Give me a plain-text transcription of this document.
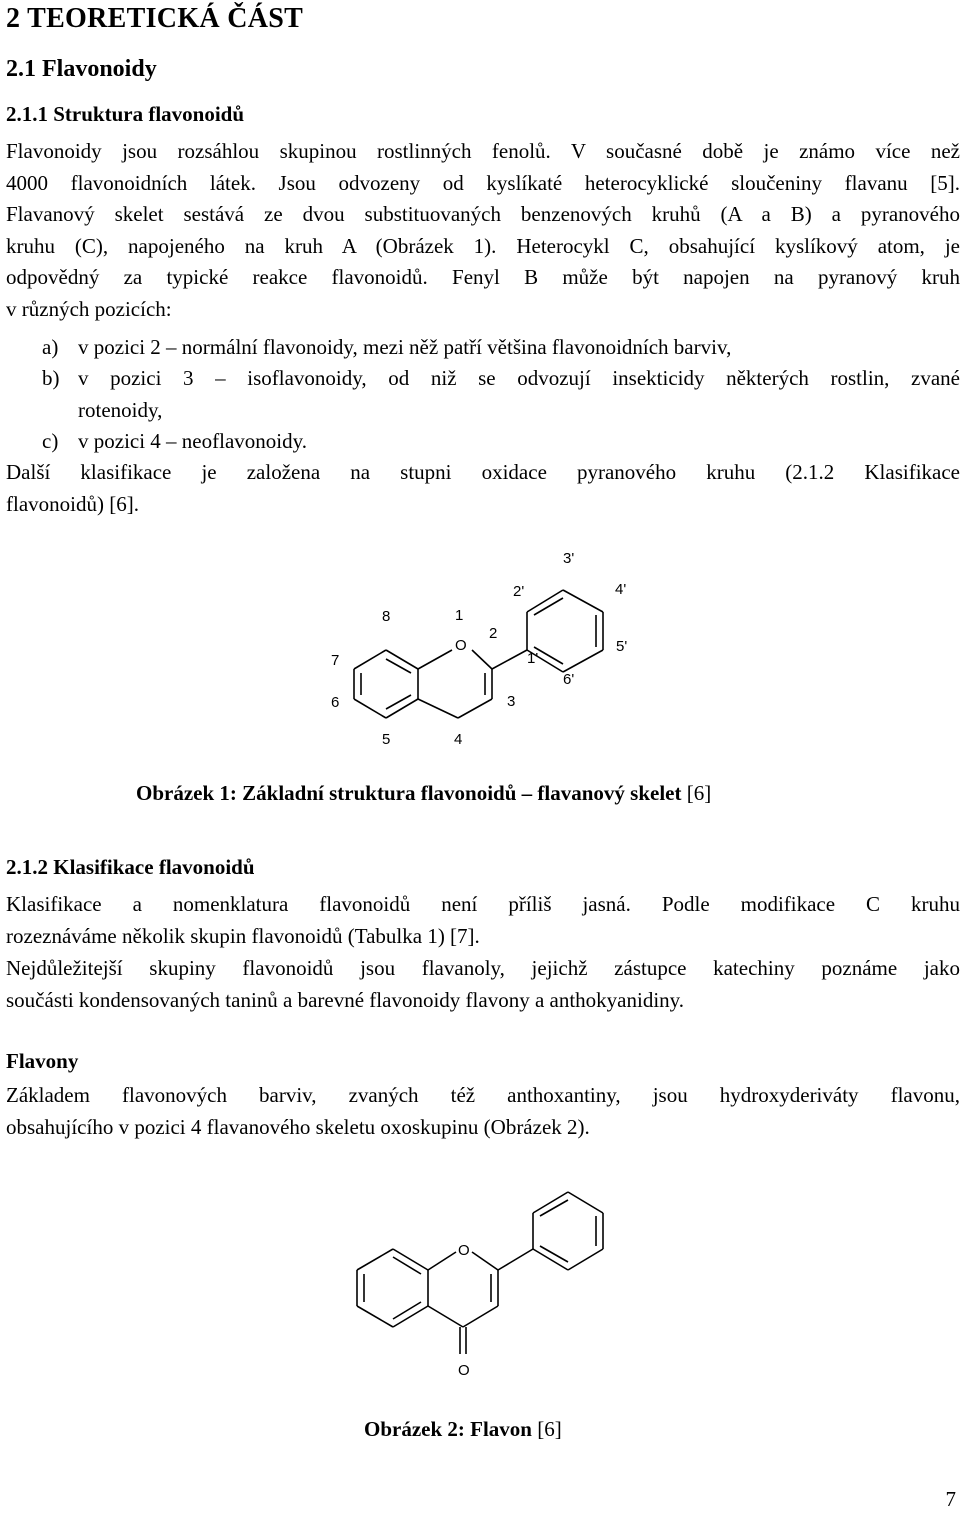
2 TEORETICKÁ ČÁST
2.1 Flavonoidy
2.1.1 Struktura flavonoidů
Flavonoidy jsou rozsáhlou skupinou rostlinných fenolů. V současné době je známo více než
4000 flavonoidních látek. Jsou odvozeny od kyslíkaté heterocyklické sloučeniny flavanu [5].
Flavanový skelet sestává ze dvou substituovaných benzenových kruhů (A a B) a pyranového
kruhu (C), napojeného na kruh A (Obrázek 1). Heterocykl C, obsahující kyslíkový atom, je
odpovědný za typické reakce flavonoidů. Fenyl B může být napojen na pyranový kruh
v různých pozicích:
a) v pozici 2 – normální flavonoidy, mezi něž patří většina flavonoidních barviv,
b) v pozici 3 – isoflavonoidy, od niž se odvozují insekticidy některých rostlin, zvané
rotenoidy,
c) v pozici 4 – neoflavonoidy.
Další klasifikace je založena na stupni oxidace pyranového kruhu (2.1.2 Klasifikace
flavonoidů) [6].
O
1
2
3
4
5
6
7
8
1'
2'
3'
4'
5'
6'
Obrázek 1: Základní struktura flavonoidů – flavanový skelet [6]
2.1.2 Klasifikace flavonoidů
Klasifikace a nomenklatura flavonoidů není příliš jasná. Podle modifikace C kruhu
rozeznáváme několik skupin flavonoidů (Tabulka 1) [7].
Nejdůležitejší skupiny flavonoidů jsou flavanoly, jejichž zástupce katechiny poznáme jako
součásti kondensovaných taninů a barevné flavonoidy flavony a anthokyanidiny.
Flavony
Základem flavonových barviv, zvaných též anthoxantiny, jsou hydroxyderiváty flavonu,
obsahujícího v pozici 4 flavanového skeletu oxoskupinu (Obrázek 2).
O
O
Obrázek 2: Flavon [6]
7
